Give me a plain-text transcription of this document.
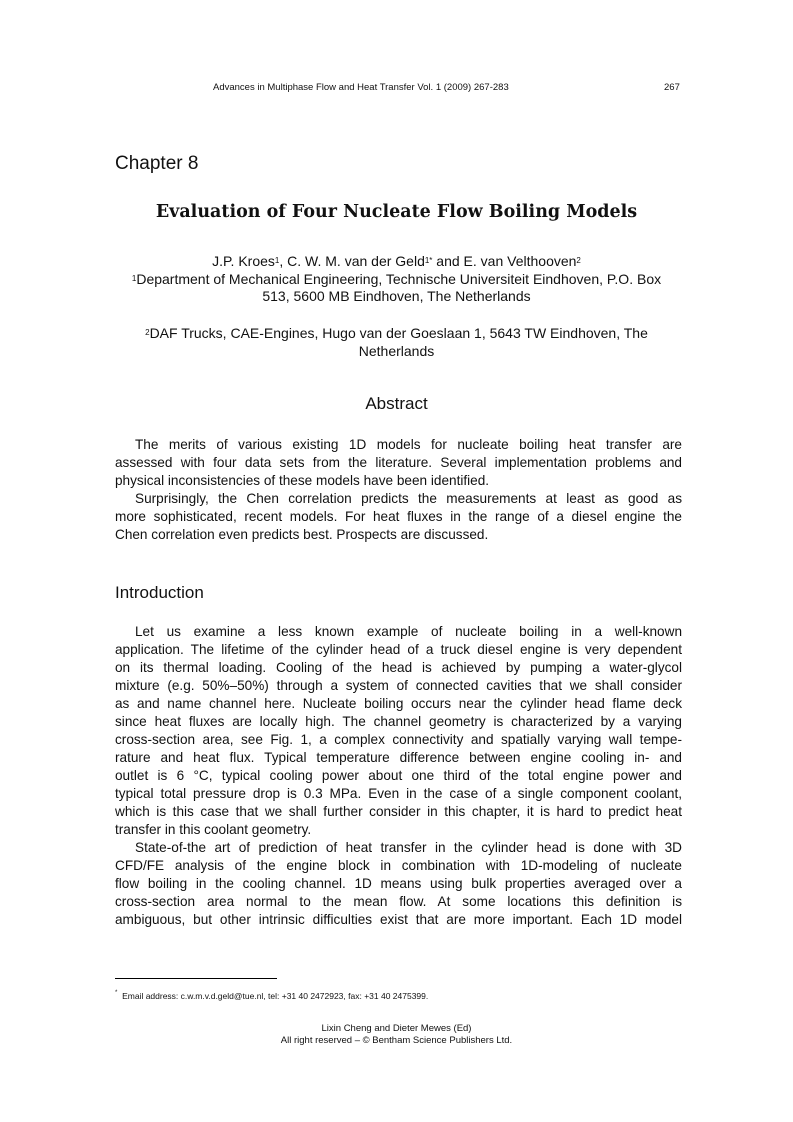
Advances in Multiphase Flow and Heat Transfer Vol. 1 (2009) 267-283	267
Chapter 8
Evaluation of Four Nucleate Flow Boiling Models
J.P. Kroes$^1$, C. W. M. van der Geld$^{1*}$ and E. van Velthooven$^2$
$^1$Department of Mechanical Engineering, Technische Universiteit Eindhoven, P.O. Box
513, 5600 MB Eindhoven, The Netherlands
$^2$DAF Trucks, CAE-Engines, Hugo van der Goeslaan 1, 5643 TW Eindhoven, The
Netherlands
Abstract
The merits of various existing 1D models for nucleate boiling heat transfer are
assessed with four data sets from the literature. Several implementation problems and
physical inconsistencies of these models have been identified.
Surprisingly, the Chen correlation predicts the measurements at least as good as
more sophisticated, recent models. For heat fluxes in the range of a diesel engine the
Chen correlation even predicts best. Prospects are discussed.
Introduction
Let us examine a less known example of nucleate boiling in a well-known
application. The lifetime of the cylinder head of a truck diesel engine is very dependent
on its thermal loading. Cooling of the head is achieved by pumping a water-glycol
mixture (e.g. 50%–50%) through a system of connected cavities that we shall consider
as and name channel here. Nucleate boiling occurs near the cylinder head flame deck
since heat fluxes are locally high. The channel geometry is characterized by a varying
cross-section area, see Fig. 1, a complex connectivity and spatially varying wall tempe-
rature and heat flux. Typical temperature difference between engine cooling in- and
outlet is 6 °C, typical cooling power about one third of the total engine power and
typical total pressure drop is 0.3 MPa. Even in the case of a single component coolant,
which is this case that we shall further consider in this chapter, it is hard to predict heat
transfer in this coolant geometry.
State-of-the art of prediction of heat transfer in the cylinder head is done with 3D
CFD/FE analysis of the engine block in combination with 1D-modeling of nucleate
flow boiling in the cooling channel. 1D means using bulk properties averaged over a
cross-section area normal to the mean flow. At some locations this definition is
ambiguous, but other intrinsic difficulties exist that are more important. Each 1D model
* Email address: c.w.m.v.d.geld@tue.nl, tel: +31 40 2472923, fax: +31 40 2475399.
Lixin Cheng and Dieter Mewes (Ed)
All right reserved – © Bentham Science Publishers Ltd.
